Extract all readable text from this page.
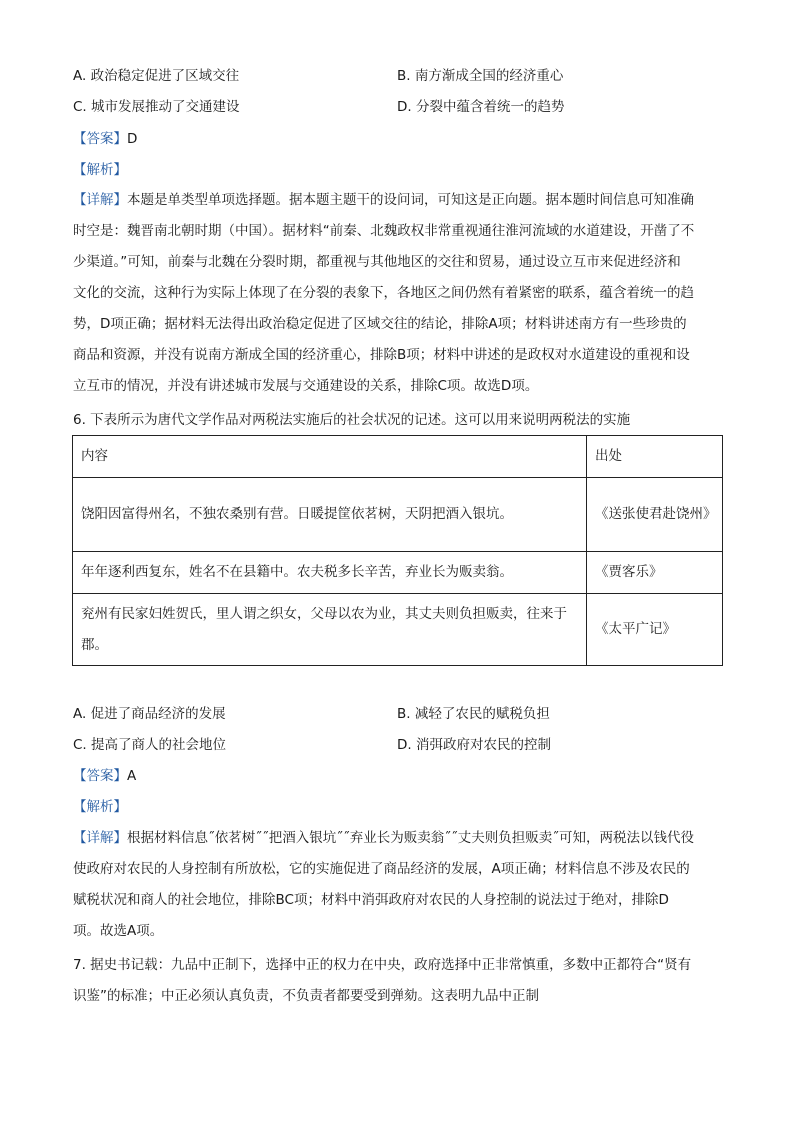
A. 政治稳定促进了区域交往	B. 南方渐成全国的经济重心
C. 城市发展推动了交通建设	D. 分裂中蕴含着统一的趋势
【答案】D
【解析】
【详解】本题是单类型单项选择题。据本题主题干的设问词，可知这是正向题。据本题时间信息可知准确
时空是：魏晋南北朝时期（中国）。据材料“前秦、北魏政权非常重视通往淮河流域的水道建设，开凿了不
少渠道。”可知，前秦与北魏在分裂时期，都重视与其他地区的交往和贸易，通过设立互市来促进经济和
文化的交流，这种行为实际上体现了在分裂的表象下，各地区之间仍然有着紧密的联系，蕴含着统一的趋
势，D项正确；据材料无法得出政治稳定促进了区域交往的结论，排除A项；材料讲述南方有一些珍贵的
商品和资源，并没有说南方渐成全国的经济重心，排除B项；材料中讲述的是政权对水道建设的重视和设
立互市的情况，并没有讲述城市发展与交通建设的关系，排除C项。故选D项。
6. 下表所示为唐代文学作品对两税法实施后的社会状况的记述。这可以用来说明两税法的实施
内容	出处
饶阳因富得州名，不独农桑别有营。日暖提筐依茗树，天阴把酒入银坑。	《送张使君赴饶州》
年年逐利西复东，姓名不在县籍中。农夫税多长辛苦，弃业长为贩卖翁。	《贾客乐》
兖州有民家妇姓贺氏，里人谓之织女，父母以农为业，其丈夫则负担贩卖，往来于郡。	《太平广记》
A. 促进了商品经济的发展	B. 减轻了农民的赋税负担
C. 提高了商人的社会地位	D. 消弭政府对农民的控制
【答案】A
【解析】
【详解】根据材料信息˝依茗树˝˝把酒入银坑˝˝弃业长为贩卖翁˝˝丈夫则负担贩卖˝可知，两税法以钱代役
使政府对农民的人身控制有所放松，它的实施促进了商品经济的发展，A项正确；材料信息不涉及农民的
赋税状况和商人的社会地位，排除BC项；材料中消弭政府对农民的人身控制的说法过于绝对，排除D
项。故选A项。
7. 据史书记载：九品中正制下，选择中正的权力在中央，政府选择中正非常慎重，多数中正都符合“贤有
识鉴”的标准；中正必须认真负责，不负责者都要受到弹劾。这表明九品中正制
